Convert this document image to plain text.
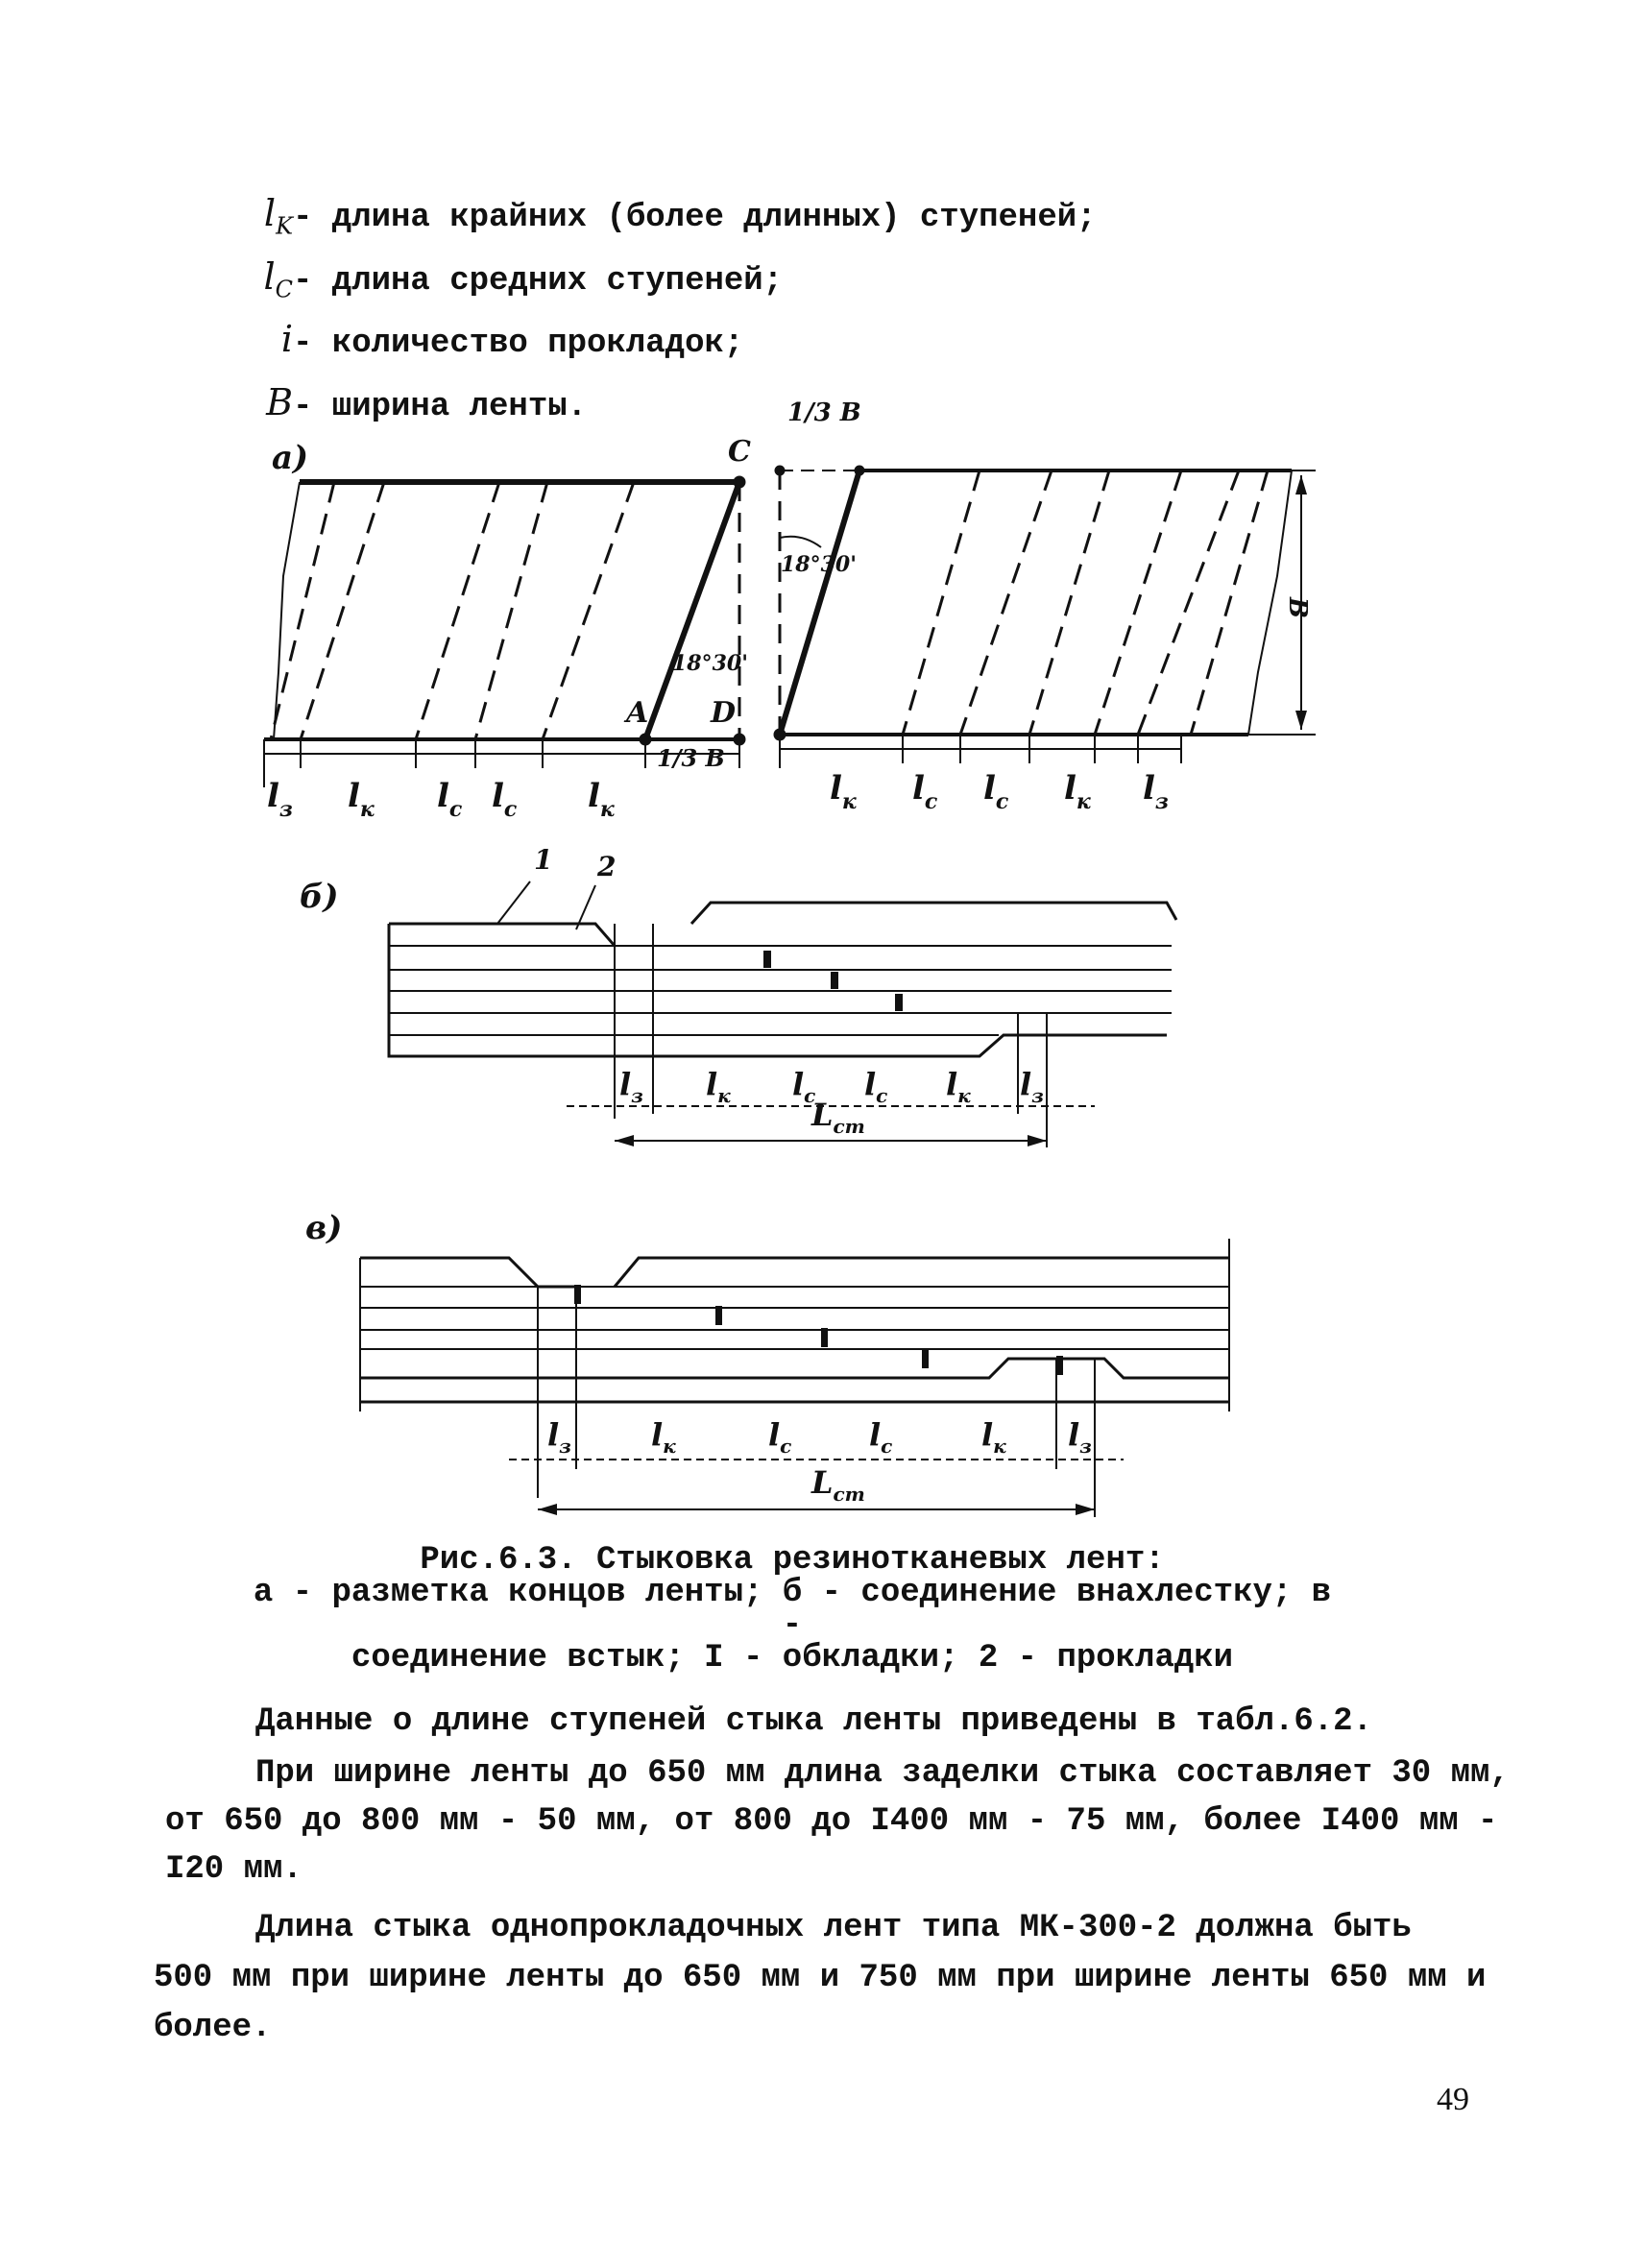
$l_K$ - длина крайних (более длинных) ступеней;
$l_C$ - длина средних ступеней;
i - количество прокладок;
B - ширина ленты.
а)	C
A D
18°30'
1/3 B
$l_з$ $l_к$ $l_с$ $l_с$ $l_к$
1/3 B
18°30'
B
$l_к$ $l_с$ $l_с$ $l_к$ $l_з$
б)
1 2
$l_з$ $l_к$ $l_с$ $l_с$ $l_к$ $l_з$
$L_{cm}$
в)
$l_з$	$l_к$	$l_с$	$l_с$	$l_к$ $l_з$
$L_{cm}$
Рис.6.3. Стыковка резинотканевых лент:
а - разметка концов ленты; б - соединение внахлестку; в -
соединение встык; I - обкладки; 2 - прокладки
Данные о длине ступеней стыка ленты приведены в табл.6.2.
При ширине ленты до 650 мм длина заделки стыка составляет 30 мм,
от 650 до 800 мм - 50 мм, от 800 до I400 мм - 75 мм, более I400 мм -
I20 мм.
Длина стыка однопрокладочных лент типа МК-300-2 должна быть
500 мм при ширине ленты до 650 мм и 750 мм при ширине ленты 650 мм и
более.
49
